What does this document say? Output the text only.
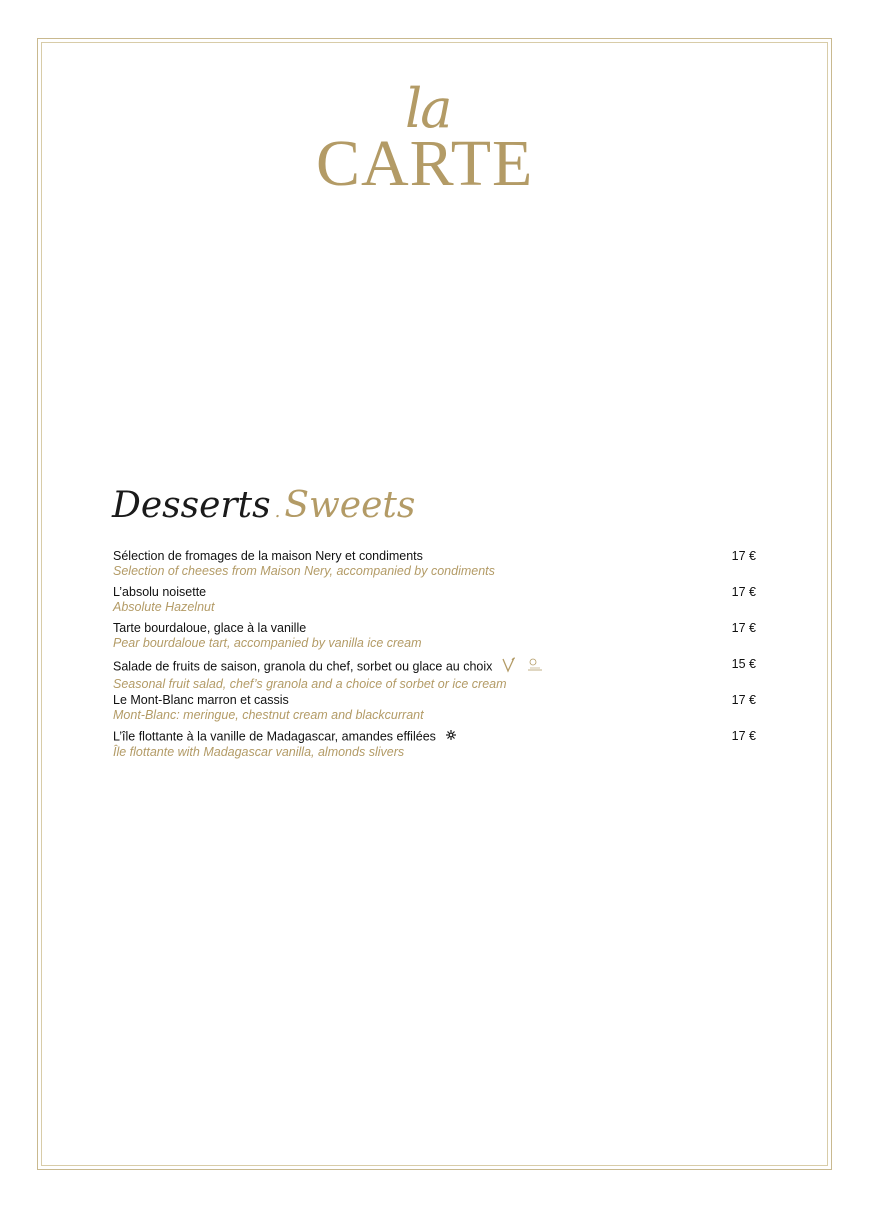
la
CARTE
Desserts . Sweets
Sélection de fromages de la maison Nery et condiments
Selection of cheeses from Maison Nery, accompanied by condiments
17 €
L’absolu noisette
Absolute Hazelnut
17 €
Tarte bourdaloue, glace à la vanille
Pear bourdaloue tart, accompanied by vanilla ice cream
17 €
Salade de fruits de saison, granola du chef, sorbet ou glace au choix
Seasonal fruit salad, chef’s granola and a choice of sorbet or ice cream
15 €
Le Mont-Blanc marron et cassis
Mont-Blanc: meringue, chestnut cream and blackcurrant
17 €
L’île flottante à la vanille de Madagascar, amandes effilées
Île flottante with Madagascar vanilla, almonds slivers
17 €
